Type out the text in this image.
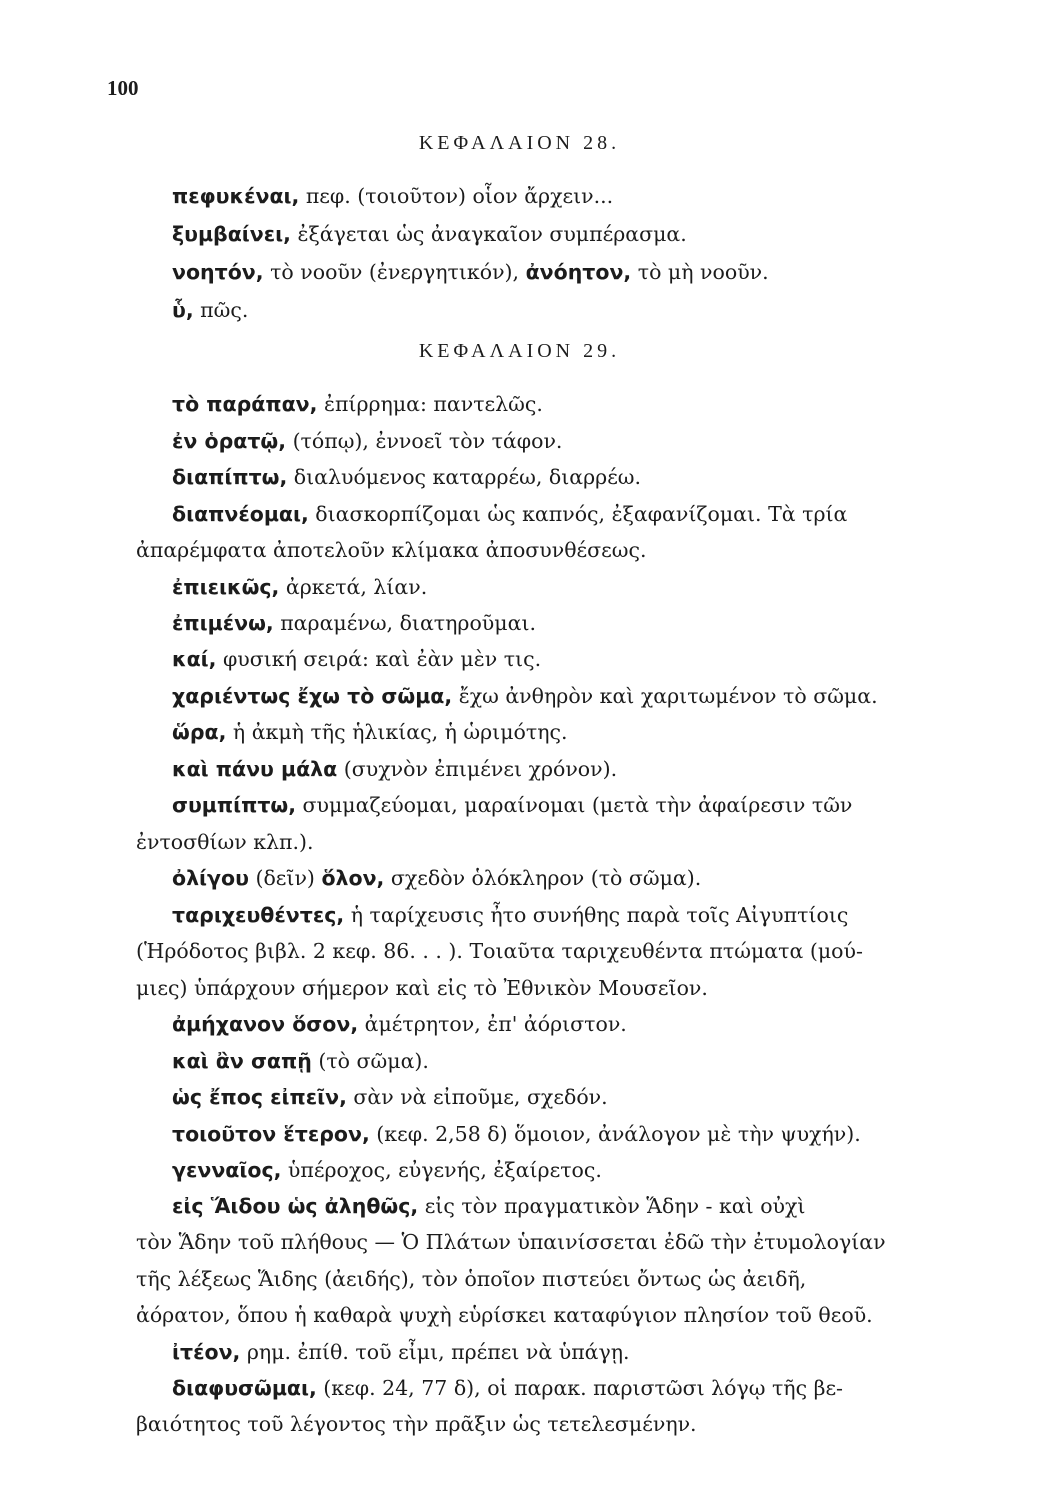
100
ΚΕΦΑΛΑΙΟΝ 28.
πεφυκέναι, πεφ. (τοιοῦτον) οἷον ἄρχειν...
ξυμβαίνει, ἐξάγεται ὡς ἀναγκαῖον συμπέρασμα.
νοητόν, τὸ νοοῦν (ἐνεργητικόν), ἀνόητον, τὸ μὴ νοοῦν.
ὗ, πῶς.
ΚΕΦΑΛΑΙΟΝ 29.
τὸ παράπαν, ἐπίρρημα: παντελῶς.
ἐν ὁρατῷ, (τόπῳ), ἐννοεῖ τὸν τάφον.
διαπίπτω, διαλυόμενος καταρρέω, διαρρέω.
διαπνέομαι, διασκορπίζομαι ὡς καπνός, ἐξαφανίζομαι. Τὰ τρία
ἀπαρέμφατα ἀποτελοῦν κλίμακα ἀποσυνθέσεως.
ἐπιεικῶς, ἀρκετά, λίαν.
ἐπιμένω, παραμένω, διατηροῦμαι.
καί, φυσική σειρά: καὶ ἐὰν μὲν τις.
χαριέντως ἔχω τὸ σῶμα, ἔχω ἀνθηρὸν καὶ χαριτωμένον τὸ σῶμα.
ὥρα, ἡ ἀκμὴ τῆς ἡλικίας, ἡ ὡριμότης.
καὶ πάνυ μάλα (συχνὸν ἐπιμένει χρόνον).
συμπίπτω, συμμαζεύομαι, μαραίνομαι (μετὰ τὴν ἀφαίρεσιν τῶν
ἐντοσθίων κλπ.).
ὀλίγου (δεῖν) ὅλον, σχεδὸν ὁλόκληρον (τὸ σῶμα).
ταριχευθέντες, ἡ ταρίχευσις ἦτο συνήθης παρὰ τοῖς Αἰγυπτίοις
(Ἡρόδοτος βιβλ. 2 κεφ. 86. . . ). Τοιαῦτα ταριχευθέντα πτώματα (μού-
μιες) ὑπάρχουν σήμερον καὶ εἰς τὸ Ἐθνικὸν Μουσεῖον.
ἀμήχανον ὅσον, ἀμέτρητον, ἐπ' ἀόριστον.
καὶ ἂν σαπῇ (τὸ σῶμα).
ὡς ἔπος εἰπεῖν, σὰν νὰ εἰποῦμε, σχεδόν.
τοιοῦτον ἕτερον, (κεφ. 2,58 δ) ὅμοιον, ἀνάλογον μὲ τὴν ψυχήν).
γενναῖος, ὑπέροχος, εὐγενής, ἐξαίρετος.
εἰς Ἅιδου ὡς ἀληθῶς, εἰς τὸν πραγματικὸν Ἅδην - καὶ οὐχὶ
τὸν Ἅδην τοῦ πλήθους — Ὁ Πλάτων ὑπαινίσσεται ἐδῶ τὴν ἐτυμολογίαν
τῆς λέξεως Ἅιδης (ἀειδής), τὸν ὁποῖον πιστεύει ὄντως ὡς ἀειδῆ,
ἀόρατον, ὅπου ἡ καθαρὰ ψυχὴ εὑρίσκει καταφύγιον πλησίον τοῦ θεοῦ.
ἰτέον, ρημ. ἐπίθ. τοῦ εἶμι, πρέπει νὰ ὑπάγῃ.
διαφυσῶμαι, (κεφ. 24, 77 δ), οἱ παρακ. παριστῶσι λόγῳ τῆς βε-
βαιότητος τοῦ λέγοντος τὴν πρᾶξιν ὡς τετελεσμένην.
